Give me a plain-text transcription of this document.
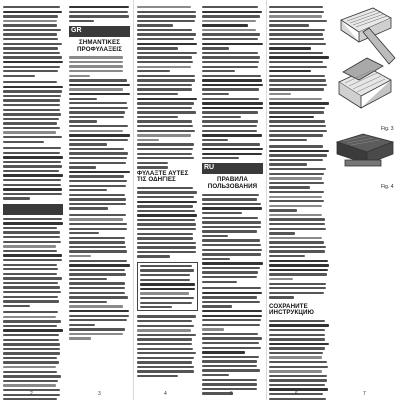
GR
ΣΗΜΑΝΤΙΚΕΣ ΠΡΟΦΥΛΑΞΕΙΣ
2	3
ΦΥΛΑΞΤΕ ΑΥΤΕΣ ΤΙΣ ΟΔΗΓΙΕΣ
RU
ПРАВИЛА ПОЛЬЗОВАНИЯ
4	5
СОХРАНИТЕ ИНСТРУКЦИЮ
Fig. 3
Fig. 4
6	7
